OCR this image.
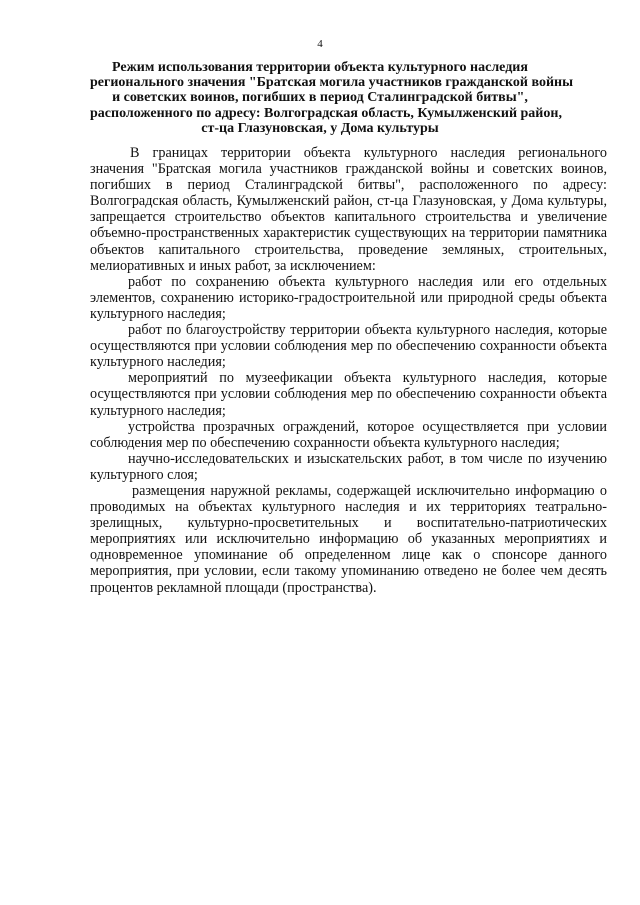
4
Режим использования территории объекта культурного наследия
регионального значения "Братская могила участников гражданской войны
и советских воинов, погибших в период Сталинградской битвы",
расположенного по адресу: Волгоградская область, Кумылженский район,
ст-ца Глазуновская, у Дома культуры

В границах территории объекта культурного наследия регионального значения "Братская могила участников гражданской войны и советских воинов, погибших в период Сталинградской битвы", расположенного по адресу: Волгоградская область, Кумылженский район, ст-ца Глазуновская, у Дома культуры, запрещается строительство объектов капитального строительства и увеличение объемно-пространственных характеристик существующих на территории памятника объектов капитального строительства, проведение земляных, строительных, мелиоративных и иных работ, за исключением:

работ по сохранению объекта культурного наследия или его отдельных элементов, сохранению историко-градостроительной или природной среды объекта культурного наследия;

работ по благоустройству территории объекта культурного наследия, которые осуществляются при условии соблюдения мер по обеспечению сохранности объекта культурного наследия;

мероприятий по музеефикации объекта культурного наследия, которые осуществляются при условии соблюдения мер по обеспечению сохранности объекта культурного наследия;

устройства прозрачных ограждений, которое осуществляется при условии соблюдения мер по обеспечению сохранности объекта культурного наследия;

научно-исследовательских и изыскательских работ, в том числе по изучению культурного слоя;

размещения наружной рекламы, содержащей исключительно информацию о проводимых на объектах культурного наследия и их территориях театрально-зрелищных, культурно-просветительных и воспитательно-патриотических мероприятиях или исключительно информацию об указанных мероприятиях и одновременное упоминание об определенном лице как о спонсоре данного мероприятия, при условии, если такому упоминанию отведено не более чем десять процентов рекламной площади (пространства).
